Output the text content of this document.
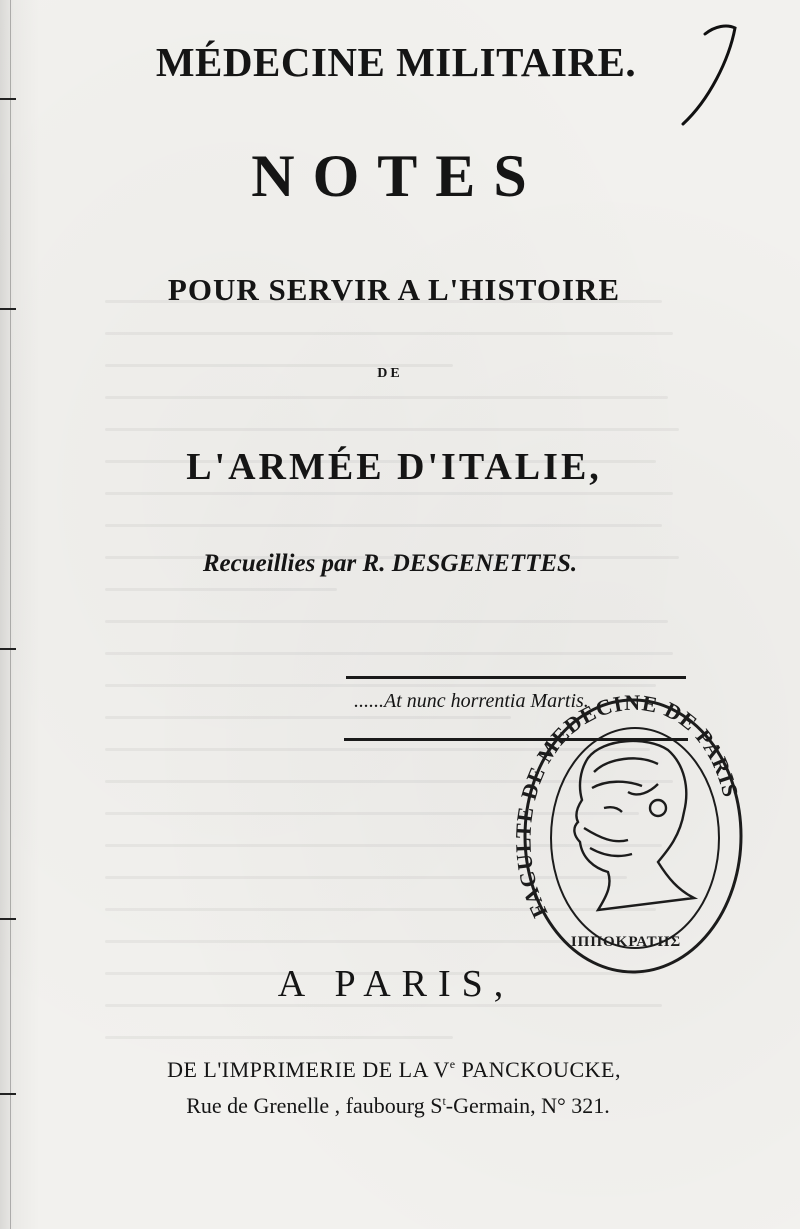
MÉDECINE MILITAIRE.
NOTES
POUR SERVIR A L'HISTOIRE
DE
L'ARMÉE D'ITALIE,
Recueillies par R. DESGENETTES.
......At nunc horrentia Martis.
FACULTE DE MEDECINE DE PARIS
ΙΠΠΟΚΡΑΤΗΣ
A PARIS,
DE L'IMPRIMERIE DE LA Ve PANCKOUCKE,
Rue de Grenelle , faubourg $S^t$-Germain, N° 321.
